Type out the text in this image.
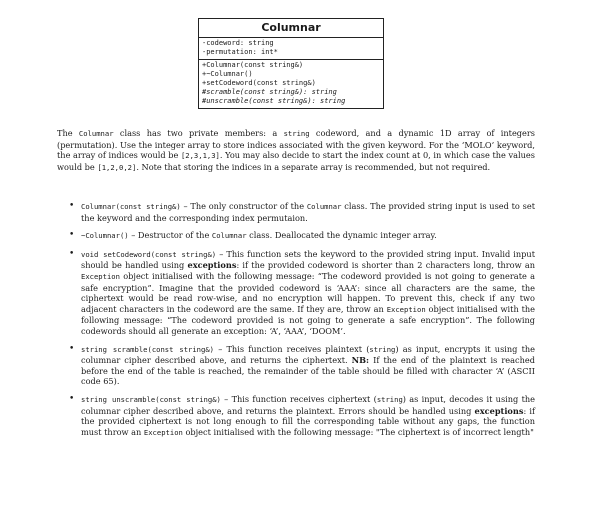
Columnar
-codeword: string
-permutation: int*
+Columnar(const string&)
+~Columnar()
+setCodeword(const string&)
#scramble(const string&): string
#unscramble(const string&): string
The Columnar class has two private members: a string codeword, and a dynamic 1D array of integers (permutation). Use the integer array to store indices associated with the given keyword. For the ‘MOLO’ keyword, the array of indices would be [2,3,1,3]. You may also decide to start the index count at 0, in which case the values would be [1,2,0,2]. Note that storing the indices in a separate array is recommended, but not required.
• Columnar(const string&) – The only constructor of the Columnar class. The provided string input is used to set the keyword and the corresponding index permutaion.
• ~Columnar() – Destructor of the Columnar class. Deallocated the dynamic integer array.
• void setCodeword(const string&) – This function sets the keyword to the provided string input. Invalid input should be handled using exceptions: if the provided codeword is shorter than 2 characters long, throw an Exception object initialised with the following message: “The codeword provided is not going to generate a safe encryption”. Imagine that the provided codeword is ‘AAA’: since all characters are the same, the ciphertext would be read row-wise, and no encryption will happen. To prevent this, check if any two adjacent characters in the codeword are the same. If they are, throw an Exception object initialised with the following message: “The codeword provided is not going to generate a safe encryption”. The following codewords should all generate an exception: ‘A’, ‘AAA’, ‘DOOM’.
• string scramble(const string&) – This function receives plaintext (string) as input, encrypts it using the columnar cipher described above, and returns the ciphertext. NB: If the end of the plaintext is reached before the end of the table is reached, the remainder of the table should be filled with character ‘A’ (ASCII code 65).
• string unscramble(const string&) – This function receives ciphertext (string) as input, decodes it using the columnar cipher described above, and returns the plaintext. Errors should be handled using exceptions: if the provided ciphertext is not long enough to fill the corresponding table without any gaps, the function must throw an Exception object initialised with the following message: "The ciphertext is of incorrect length"
